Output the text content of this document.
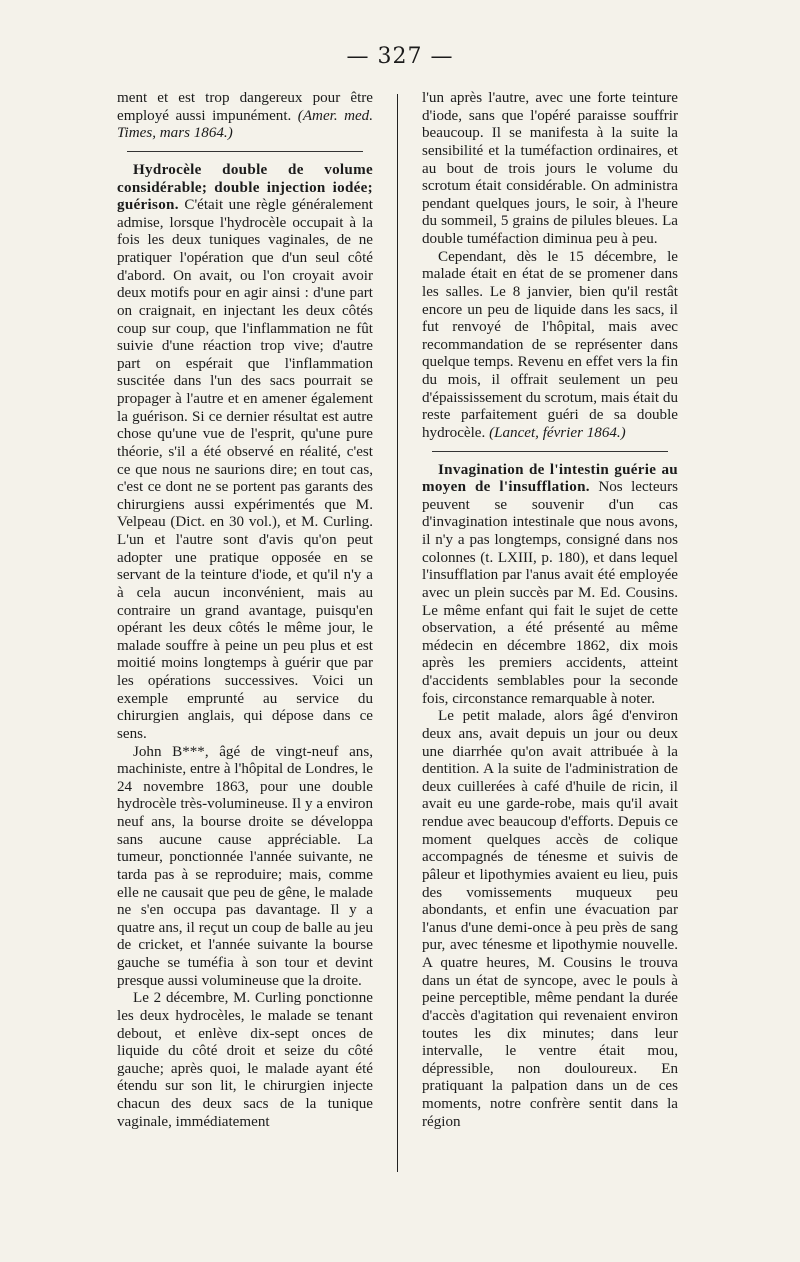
— 327 —

ment et est trop dangereux pour être employé aussi impunément. (Amer. med. Times, mars 1864.)

Hydrocèle double de volume considérable; double injection iodée; guérison. C'était une règle généralement admise, lorsque l'hydrocèle occupait à la fois les deux tuniques vaginales, de ne pratiquer l'opération que d'un seul côté d'abord. On avait, ou l'on croyait avoir deux motifs pour en agir ainsi : d'une part on craignait, en injectant les deux côtés coup sur coup, que l'inflammation ne fût suivie d'une réaction trop vive; d'autre part on espérait que l'inflammation suscitée dans l'un des sacs pourrait se propager à l'autre et en amener également la guérison. Si ce dernier résultat est autre chose qu'une vue de l'esprit, qu'une pure théorie, s'il a été observé en réalité, c'est ce que nous ne saurions dire; en tout cas, c'est ce dont ne se portent pas garants des chirurgiens aussi expérimentés que M. Velpeau (Dict. en 30 vol.), et M. Curling. L'un et l'autre sont d'avis qu'on peut adopter une pratique opposée en se servant de la teinture d'iode, et qu'il n'y a à cela aucun inconvénient, mais au contraire un grand avantage, puisqu'en opérant les deux côtés le même jour, le malade souffre à peine un peu plus et est moitié moins longtemps à guérir que par les opérations successives. Voici un exemple emprunté au service du chirurgien anglais, qui dépose dans ce sens.

John B***, âgé de vingt-neuf ans, machiniste, entre à l'hôpital de Londres, le 24 novembre 1863, pour une double hydrocèle très-volumineuse. Il y a environ neuf ans, la bourse droite se développa sans aucune cause appréciable. La tumeur, ponctionnée l'année suivante, ne tarda pas à se reproduire; mais, comme elle ne causait que peu de gêne, le malade ne s'en occupa pas davantage. Il y a quatre ans, il reçut un coup de balle au jeu de cricket, et l'année suivante la bourse gauche se tuméfia à son tour et devint presque aussi volumineuse que la droite.

Le 2 décembre, M. Curling ponctionne les deux hydrocèles, le malade se tenant debout, et enlève dix-sept onces de liquide du côté droit et seize du côté gauche; après quoi, le malade ayant été étendu sur son lit, le chirurgien injecte chacun des deux sacs de la tunique vaginale, immédiatement

l'un après l'autre, avec une forte teinture d'iode, sans que l'opéré paraisse souffrir beaucoup. Il se manifesta à la suite la sensibilité et la tuméfaction ordinaires, et au bout de trois jours le volume du scrotum était considérable. On administra pendant quelques jours, le soir, à l'heure du sommeil, 5 grains de pilules bleues. La double tuméfaction diminua peu à peu.

Cependant, dès le 15 décembre, le malade était en état de se promener dans les salles. Le 8 janvier, bien qu'il restât encore un peu de liquide dans les sacs, il fut renvoyé de l'hôpital, mais avec recommandation de se représenter dans quelque temps. Revenu en effet vers la fin du mois, il offrait seulement un peu d'épaississement du scrotum, mais était du reste parfaitement guéri de sa double hydrocèle. (Lancet, février 1864.)

Invagination de l'intestin guérie au moyen de l'insufflation. Nos lecteurs peuvent se souvenir d'un cas d'invagination intestinale que nous avons, il n'y a pas longtemps, consigné dans nos colonnes (t. LXIII, p. 180), et dans lequel l'insufflation par l'anus avait été employée avec un plein succès par M. Ed. Cousins. Le même enfant qui fait le sujet de cette observation, a été présenté au même médecin en décembre 1862, dix mois après les premiers accidents, atteint d'accidents semblables pour la seconde fois, circonstance remarquable à noter.

Le petit malade, alors âgé d'environ deux ans, avait depuis un jour ou deux une diarrhée qu'on avait attribuée à la dentition. A la suite de l'administration de deux cuillerées à café d'huile de ricin, il avait eu une garde-robe, mais qu'il avait rendue avec beaucoup d'efforts. Depuis ce moment quelques accès de colique accompagnés de ténesme et suivis de pâleur et lipothymies avaient eu lieu, puis des vomissements muqueux peu abondants, et enfin une évacuation par l'anus d'une demi-once à peu près de sang pur, avec ténesme et lipothymie nouvelle. A quatre heures, M. Cousins le trouva dans un état de syncope, avec le pouls à peine perceptible, même pendant la durée d'accès d'agitation qui revenaient environ toutes les dix minutes; dans leur intervalle, le ventre était mou, dépressible, non douloureux. En pratiquant la palpation dans un de ces moments, notre confrère sentit dans la région
